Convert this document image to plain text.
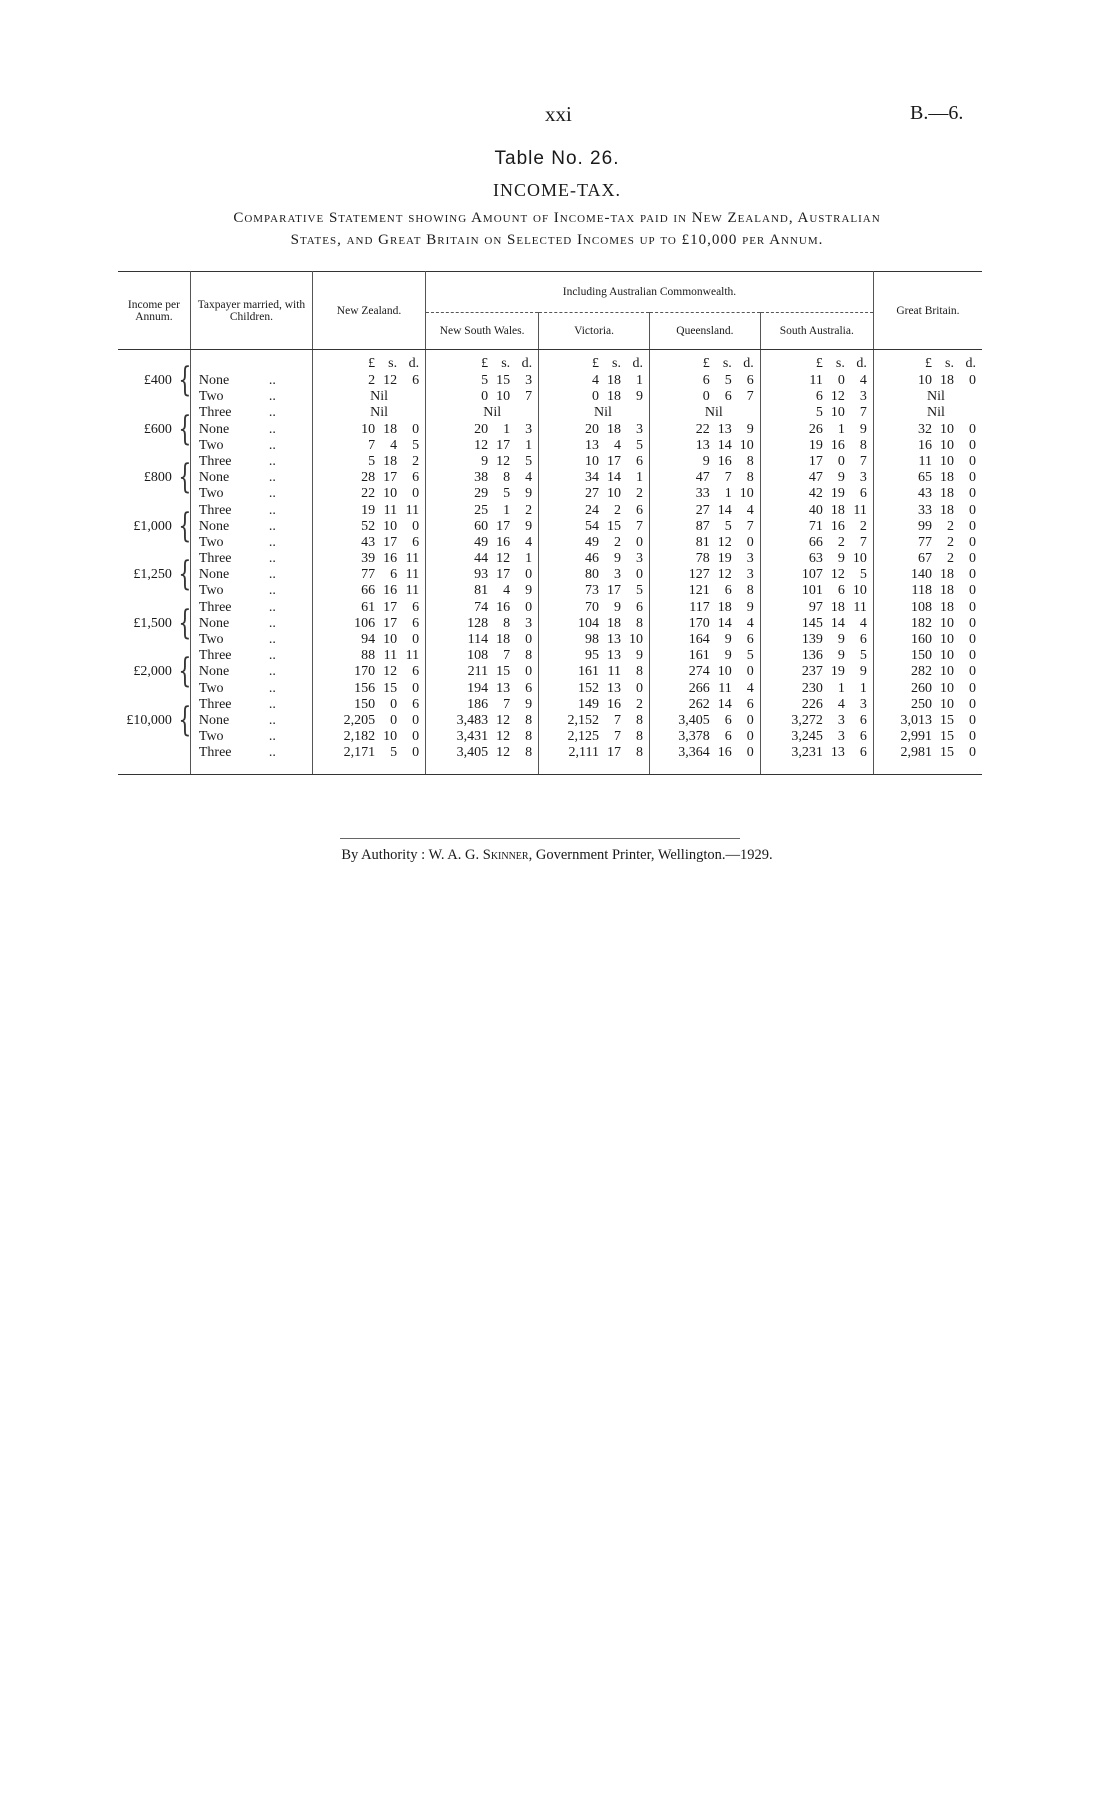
xxi	B.—6.
Table No. 26.
INCOME-TAX.
Comparative Statement showing Amount of Income-tax paid in New Zealand, Australian
States, and Great Britain on Selected Incomes up to £10,000 per Annum.
Income per Annum.	Taxpayer married, with Children.	New Zealand.	Including Australian Commonwealth.				Great Britain.
			New South Wales.	Victoria.	Queensland.	South Australia.	
		£ s. d.	£ s. d.	£ s. d.	£ s. d.	£ s. d.	£ s. d.
£400 {	None ..	2 12 6	5 15 3	4 18 1	6 5 6	11 0 4	10 18 0
	Two ..	Nil	0 10 7	0 18 9	0 6 7	6 12 3	Nil
	Three ..	Nil	Nil	Nil	Nil	5 10 7	Nil
£600 {	None ..	10 18 0	20 1 3	20 18 3	22 13 9	26 1 9	32 10 0
	Two ..	7 4 5	12 17 1	13 4 5	13 14 10	19 16 8	16 10 0
	Three ..	5 18 2	9 12 5	10 17 6	9 16 8	17 0 7	11 10 0
£800 {	None ..	28 17 6	38 8 4	34 14 1	47 7 8	47 9 3	65 18 0
	Two ..	22 10 0	29 5 9	27 10 2	33 1 10	42 19 6	43 18 0
	Three ..	19 11 11	25 1 2	24 2 6	27 14 4	40 18 11	33 18 0
£1,000 {	None ..	52 10 0	60 17 9	54 15 7	87 5 7	71 16 2	99 2 0
	Two ..	43 17 6	49 16 4	49 2 0	81 12 0	66 2 7	77 2 0
	Three ..	39 16 11	44 12 1	46 9 3	78 19 3	63 9 10	67 2 0
£1,250 {	None ..	77 6 11	93 17 0	80 3 0	127 12 3	107 12 5	140 18 0
	Two ..	66 16 11	81 4 9	73 17 5	121 6 8	101 6 10	118 18 0
	Three ..	61 17 6	74 16 0	70 9 6	117 18 9	97 18 11	108 18 0
£1,500 {	None ..	106 17 6	128 8 3	104 18 8	170 14 4	145 14 4	182 10 0
	Two ..	94 10 0	114 18 0	98 13 10	164 9 6	139 9 6	160 10 0
	Three ..	88 11 11	108 7 8	95 13 9	161 9 5	136 9 5	150 10 0
£2,000 {	None ..	170 12 6	211 15 0	161 11 8	274 10 0	237 19 9	282 10 0
	Two ..	156 15 0	194 13 6	152 13 0	266 11 4	230 1 1	260 10 0
	Three ..	150 0 6	186 7 9	149 16 2	262 14 6	226 4 3	250 10 0
£10,000 {	None ..	2,205 0 0	3,483 12 8	2,152 7 8	3,405 6 0	3,272 3 6	3,013 15 0
	Two ..	2,182 10 0	3,431 12 8	2,125 7 8	3,378 6 0	3,245 3 6	2,991 15 0
	Three ..	2,171 5 0	3,405 12 8	2,111 17 8	3,364 16 0	3,231 13 6	2,981 15 0

By Authority : W. A. G. Skinner, Government Printer, Wellington.—1929.
